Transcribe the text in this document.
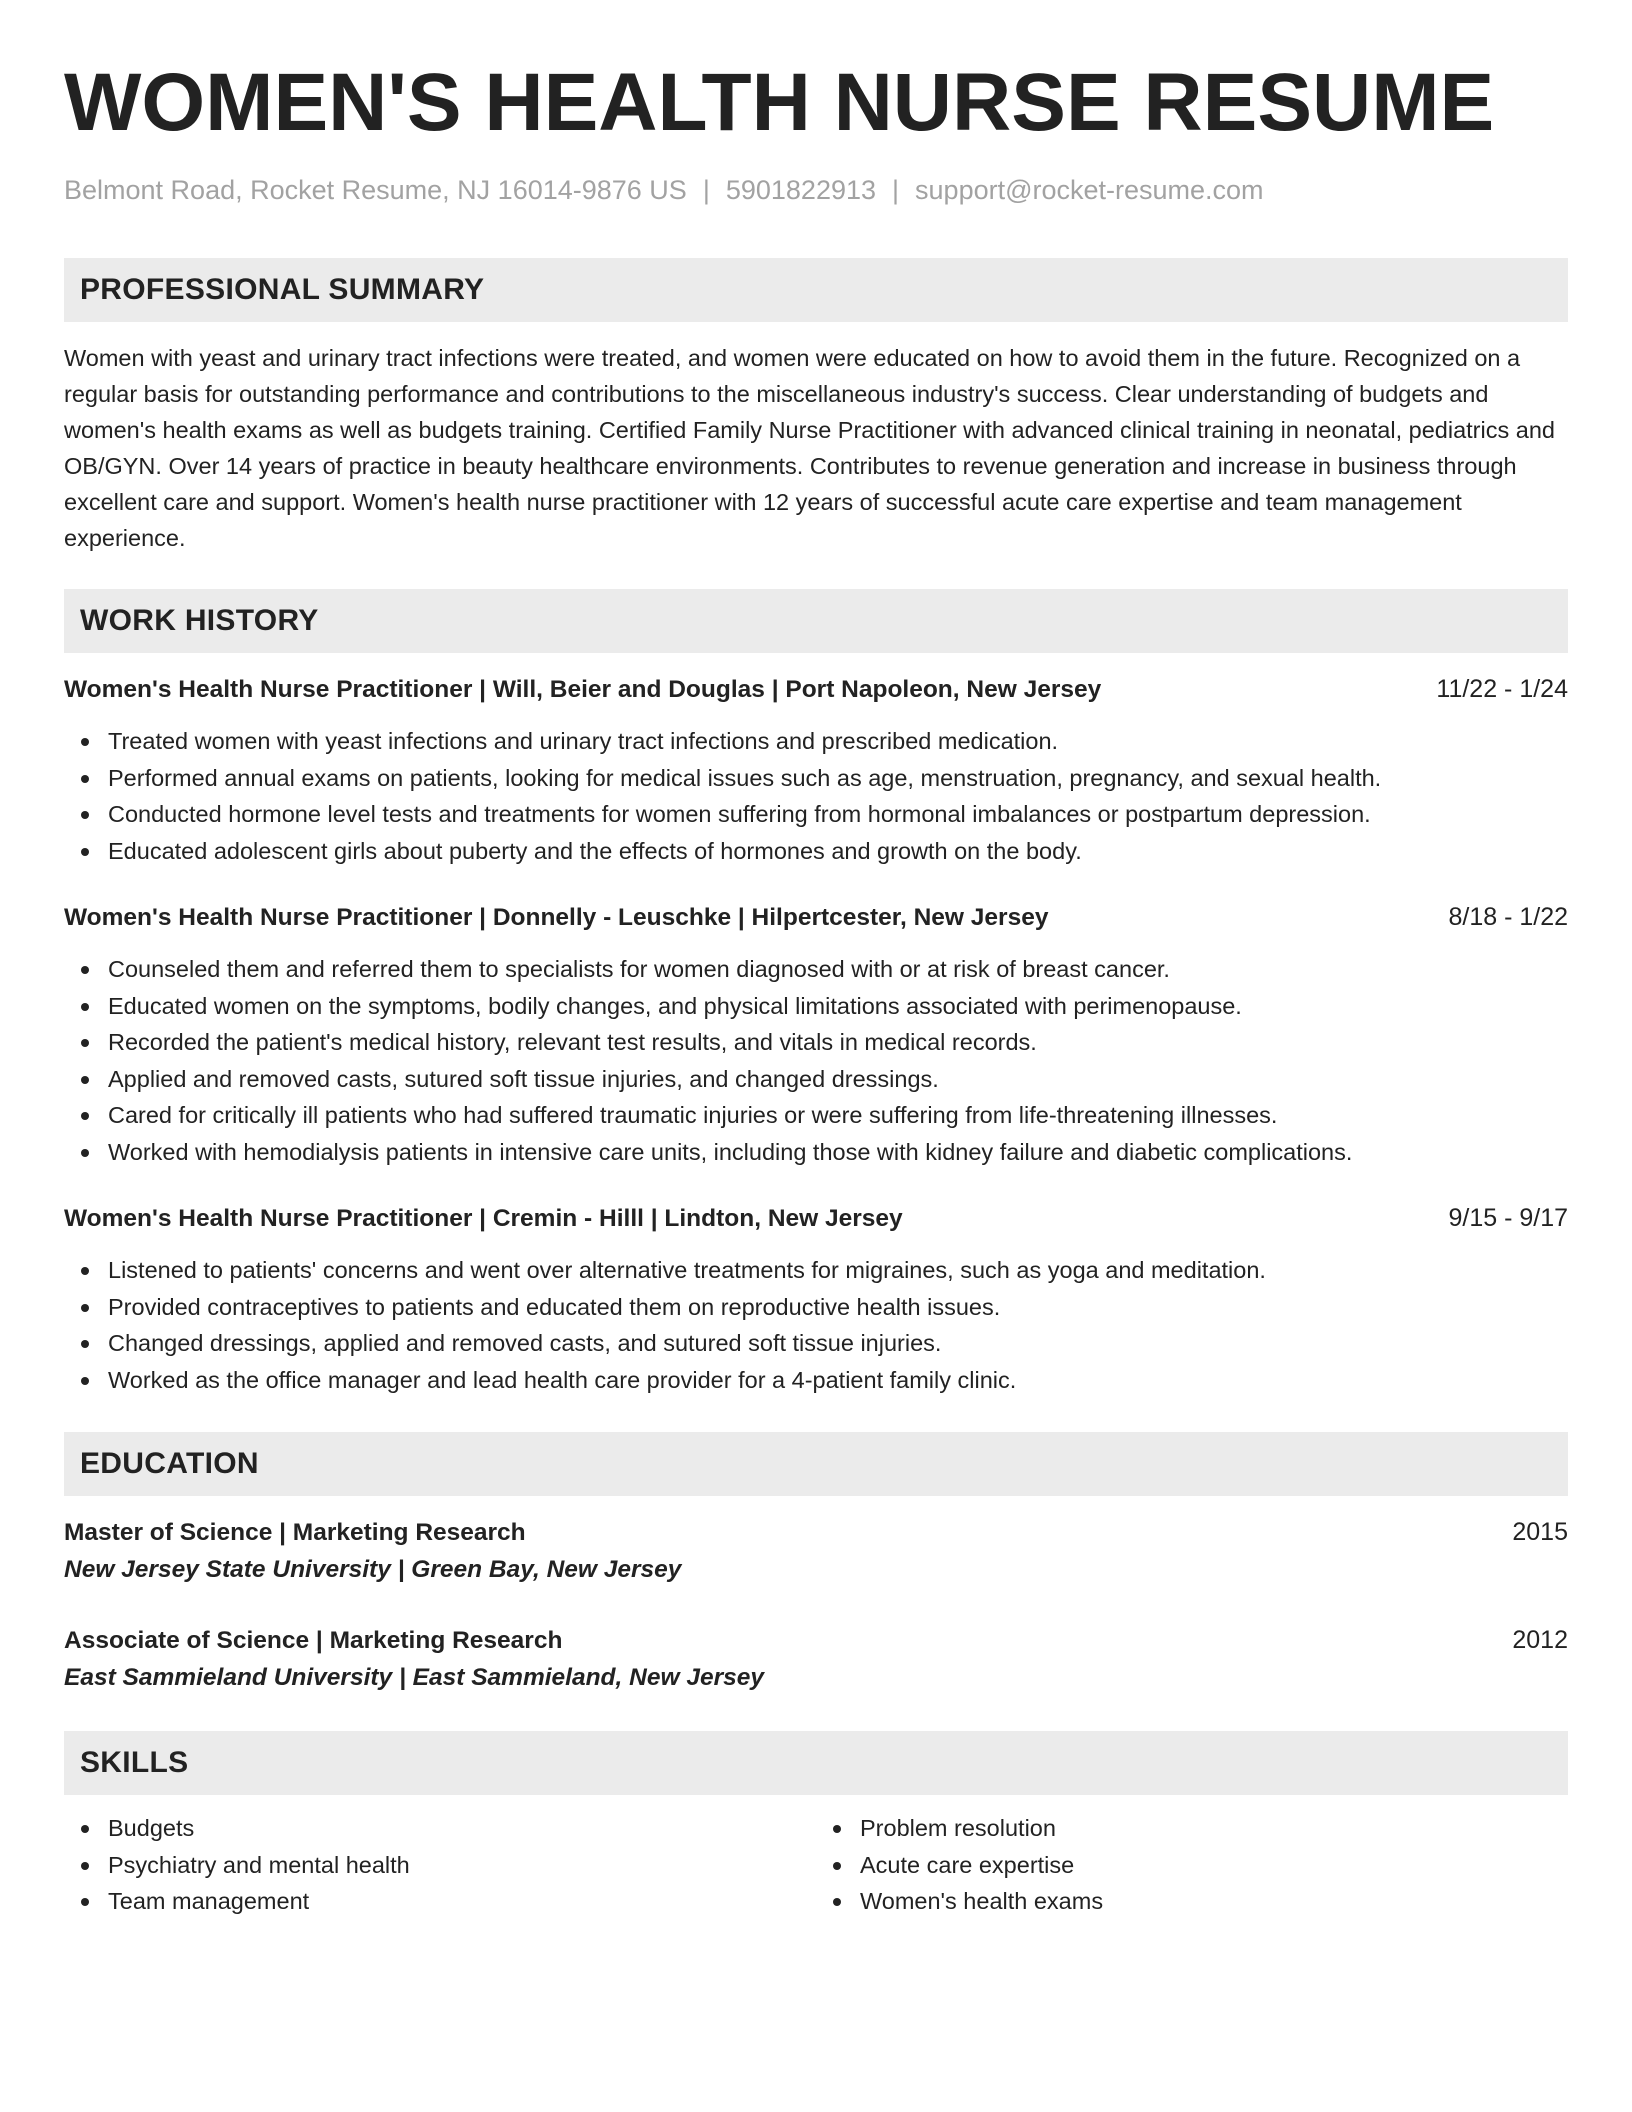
WOMEN'S HEALTH NURSE RESUME
Belmont Road, Rocket Resume, NJ 16014-9876 US | 5901822913 | support@rocket-resume.com
PROFESSIONAL SUMMARY

Women with yeast and urinary tract infections were treated, and women were educated on how to avoid them in the future. Recognized on a regular basis for outstanding performance and contributions to the miscellaneous industry's success. Clear understanding of budgets and women's health exams as well as budgets training. Certified Family Nurse Practitioner with advanced clinical training in neonatal, pediatrics and OB/GYN. Over 14 years of practice in beauty healthcare environments. Contributes to revenue generation and increase in business through excellent care and support. Women's health nurse practitioner with 12 years of successful acute care expertise and team management experience.

WORK HISTORY
Women's Health Nurse Practitioner | Will, Beier and Douglas | Port Napoleon, New Jersey	11/22 - 1/24
Treated women with yeast infections and urinary tract infections and prescribed medication.
Performed annual exams on patients, looking for medical issues such as age, menstruation, pregnancy, and sexual health.
Conducted hormone level tests and treatments for women suffering from hormonal imbalances or postpartum depression.
Educated adolescent girls about puberty and the effects of hormones and growth on the body.
Women's Health Nurse Practitioner | Donnelly - Leuschke | Hilpertcester, New Jersey	8/18 - 1/22
Counseled them and referred them to specialists for women diagnosed with or at risk of breast cancer.
Educated women on the symptoms, bodily changes, and physical limitations associated with perimenopause.
Recorded the patient's medical history, relevant test results, and vitals in medical records.
Applied and removed casts, sutured soft tissue injuries, and changed dressings.
Cared for critically ill patients who had suffered traumatic injuries or were suffering from life-threatening illnesses.
Worked with hemodialysis patients in intensive care units, including those with kidney failure and diabetic complications.
Women's Health Nurse Practitioner | Cremin - Hilll | Lindton, New Jersey	9/15 - 9/17
Listened to patients' concerns and went over alternative treatments for migraines, such as yoga and meditation.
Provided contraceptives to patients and educated them on reproductive health issues.
Changed dressings, applied and removed casts, and sutured soft tissue injuries.
Worked as the office manager and lead health care provider for a 4-patient family clinic.
EDUCATION
Master of Science | Marketing Research	2015
New Jersey State University | Green Bay, New Jersey
Associate of Science | Marketing Research	2012
East Sammieland University | East Sammieland, New Jersey
SKILLS
Budgets
Psychiatry and mental health
Team management
Problem resolution
Acute care expertise
Women's health exams
